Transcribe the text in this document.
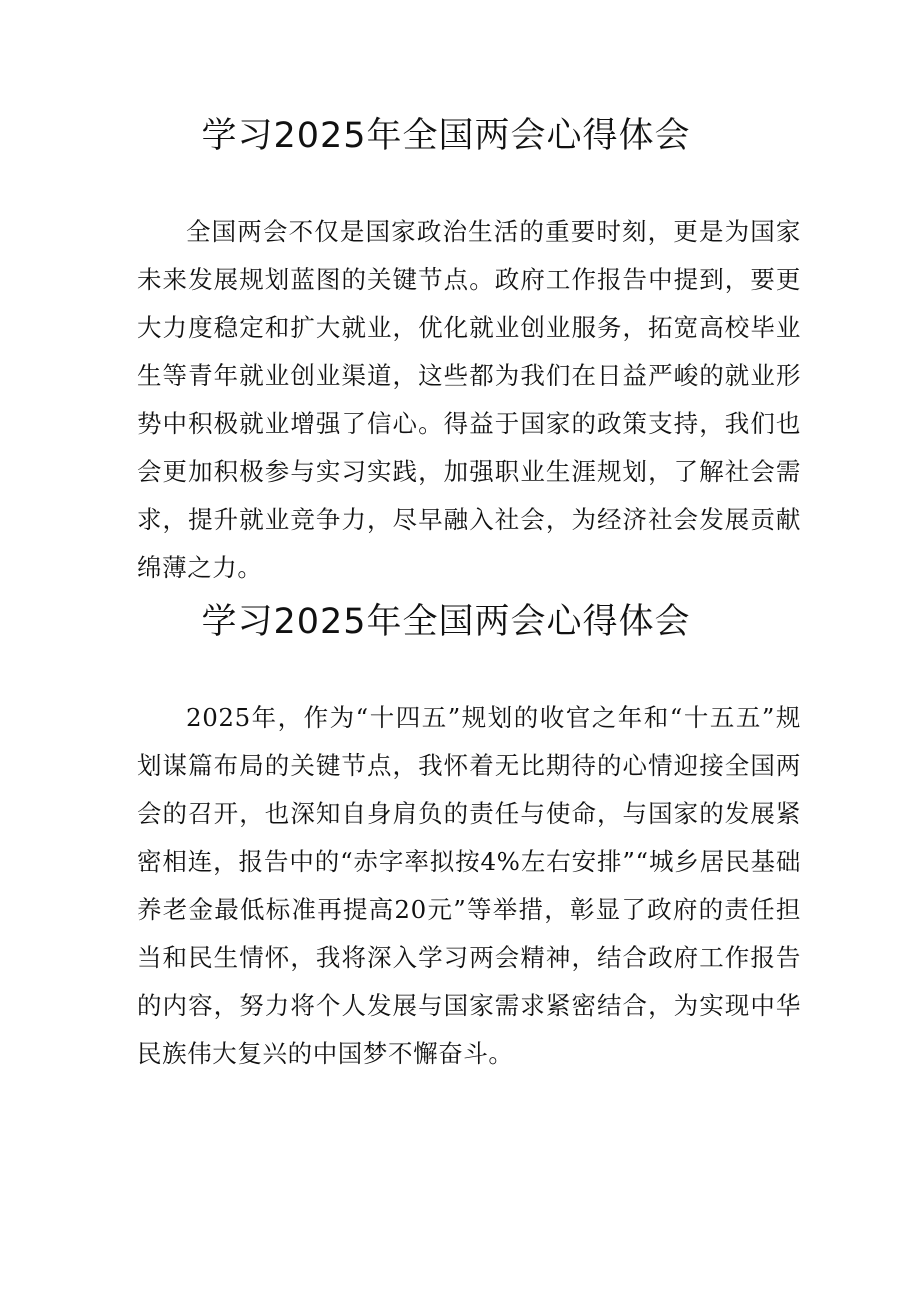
学习2025年全国两会心得体会

全国两会不仅是国家政治生活的重要时刻，更是为国家未来发展规划蓝图的关键节点。政府工作报告中提到，要更大力度稳定和扩大就业，优化就业创业服务，拓宽高校毕业生等青年就业创业渠道，这些都为我们在日益严峻的就业形势中积极就业增强了信心。得益于国家的政策支持，我们也会更加积极参与实习实践，加强职业生涯规划，了解社会需求，提升就业竞争力，尽早融入社会，为经济社会发展贡献绵薄之力。

学习2025年全国两会心得体会

2025年，作为“十四五”规划的收官之年和“十五五”规划谋篇布局的关键节点，我怀着无比期待的心情迎接全国两会的召开，也深知自身肩负的责任与使命，与国家的发展紧密相连，报告中的“赤字率拟按4%左右安排”“城乡居民基础养老金最低标准再提高20元”等举措，彰显了政府的责任担当和民生情怀，我将深入学习两会精神，结合政府工作报告的内容，努力将个人发展与国家需求紧密结合，为实现中华民族伟大复兴的中国梦不懈奋斗。
